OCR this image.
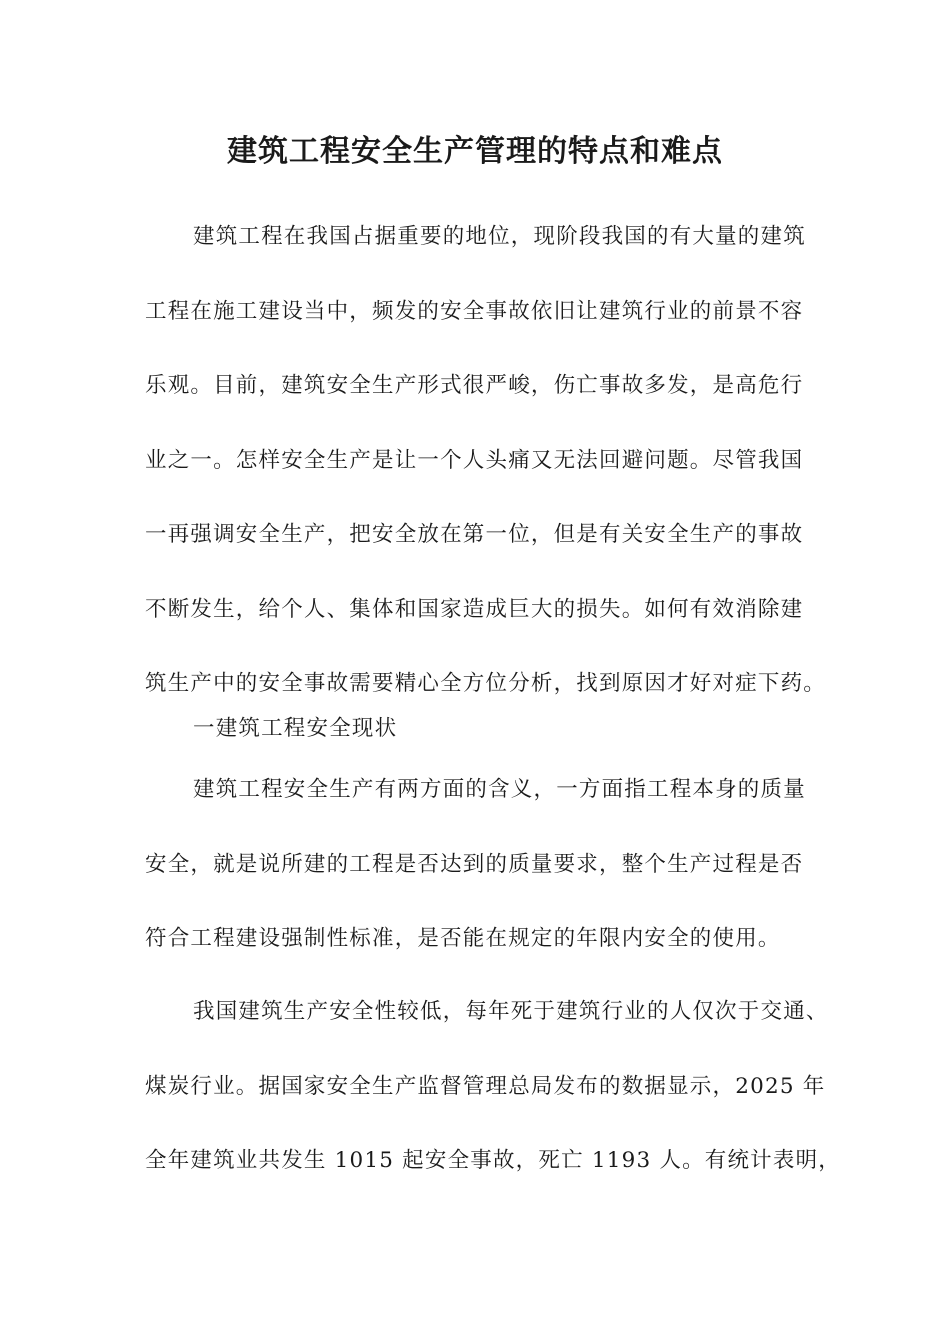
建筑工程安全生产管理的特点和难点

建筑工程在我国占据重要的地位，现阶段我国的有大量的建筑
工程在施工建设当中，频发的安全事故依旧让建筑行业的前景不容
乐观。目前，建筑安全生产形式很严峻，伤亡事故多发，是高危行
业之一。怎样安全生产是让一个人头痛又无法回避问题。尽管我国
一再强调安全生产，把安全放在第一位，但是有关安全生产的事故
不断发生，给个人、集体和国家造成巨大的损失。如何有效消除建
筑生产中的安全事故需要精心全方位分析，找到原因才好对症下药。

一建筑工程安全现状

建筑工程安全生产有两方面的含义，一方面指工程本身的质量
安全，就是说所建的工程是否达到的质量要求，整个生产过程是否
符合工程建设强制性标准，是否能在规定的年限内安全的使用。

我国建筑生产安全性较低，每年死于建筑行业的人仅次于交通、
煤炭行业。据国家安全生产监督管理总局发布的数据显示，2025 年
全年建筑业共发生 1015 起安全事故，死亡 1193 人。有统计表明，
